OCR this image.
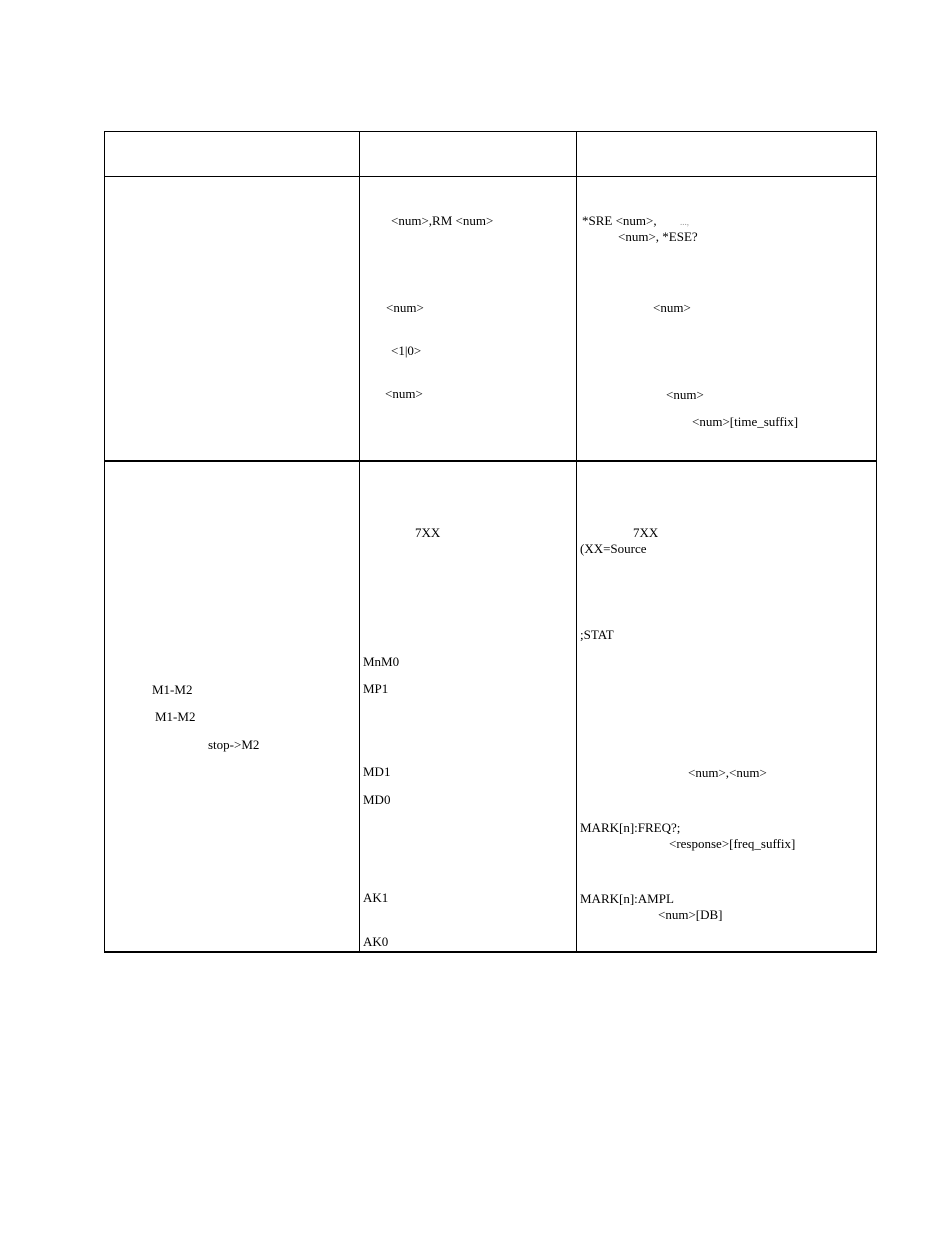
M1-M2
M1-M2
stop->M2
<num>,RM <num>
<num>
<1|0>
<num>
7XX
MnM0
MP1
MD1
MD0
AK1
AK0
*SRE <num>,	...,
<num>, *ESE?
<num>
<num>
<num>[time_suffix]
7XX
(XX=Source
;STAT
<num>,<num>
MARK[n]:FREQ?;
<response>[freq_suffix]
MARK[n]:AMPL
<num>[DB]
